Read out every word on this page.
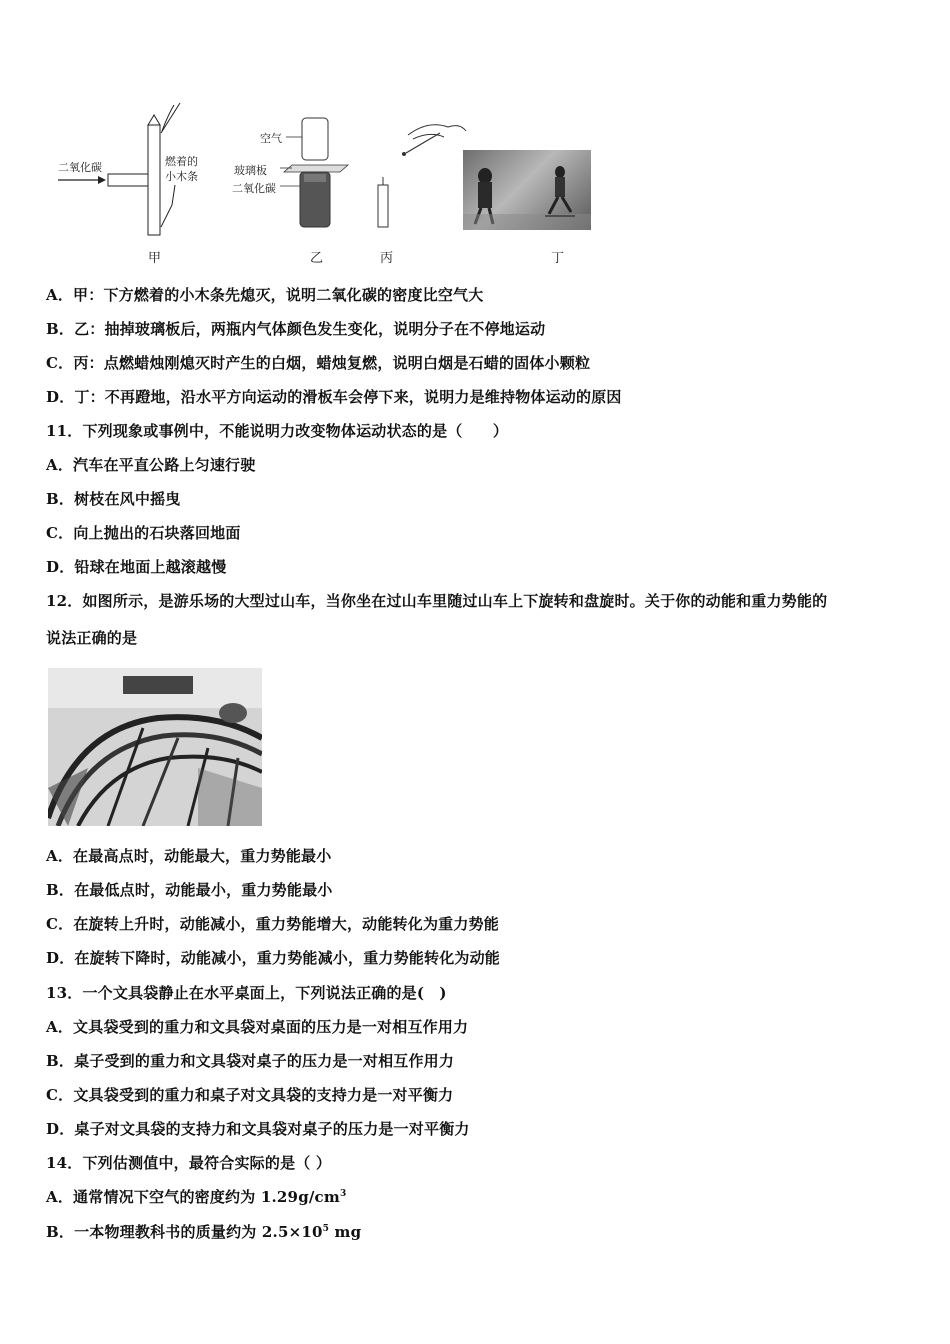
二氧化碳	燃着的
小木条
甲
空气
玻璃板
二氧化碳
乙	丙	丁
A．甲：下方燃着的小木条先熄灭，说明二氧化碳的密度比空气大
B．乙：抽掉玻璃板后，两瓶内气体颜色发生变化，说明分子在不停地运动
C．丙：点燃蜡烛刚熄灭时产生的白烟，蜡烛复燃，说明白烟是石蜡的固体小颗粒
D．丁：不再蹬地，沿水平方向运动的滑板车会停下来，说明力是维持物体运动的原因
11．下列现象或事例中，不能说明力改变物体运动状态的是（　　）
A．汽车在平直公路上匀速行驶
B．树枝在风中摇曳
C．向上抛出的石块落回地面
D．铅球在地面上越滚越慢
12．如图所示，是游乐场的大型过山车，当你坐在过山车里随过山车上下旋转和盘旋时。关于你的动能和重力势能的
说法正确的是
A．在最高点时，动能最大，重力势能最小
B．在最低点时，动能最小，重力势能最小
C．在旋转上升时，动能减小，重力势能增大，动能转化为重力势能
D．在旋转下降时，动能减小，重力势能减小，重力势能转化为动能
13．一个文具袋静止在水平桌面上，下列说法正确的是(　)
A．文具袋受到的重力和文具袋对桌面的压力是一对相互作用力
B．桌子受到的重力和文具袋对桌子的压力是一对相互作用力
C．文具袋受到的重力和桌子对文具袋的支持力是一对平衡力
D．桌子对文具袋的支持力和文具袋对桌子的压力是一对平衡力
14．下列估测值中，最符合实际的是（ ）
A．通常情况下空气的密度约为 $1.29g/cm^3$
B．一本物理教科书的质量约为 $2.5\times 10^5$ mg
